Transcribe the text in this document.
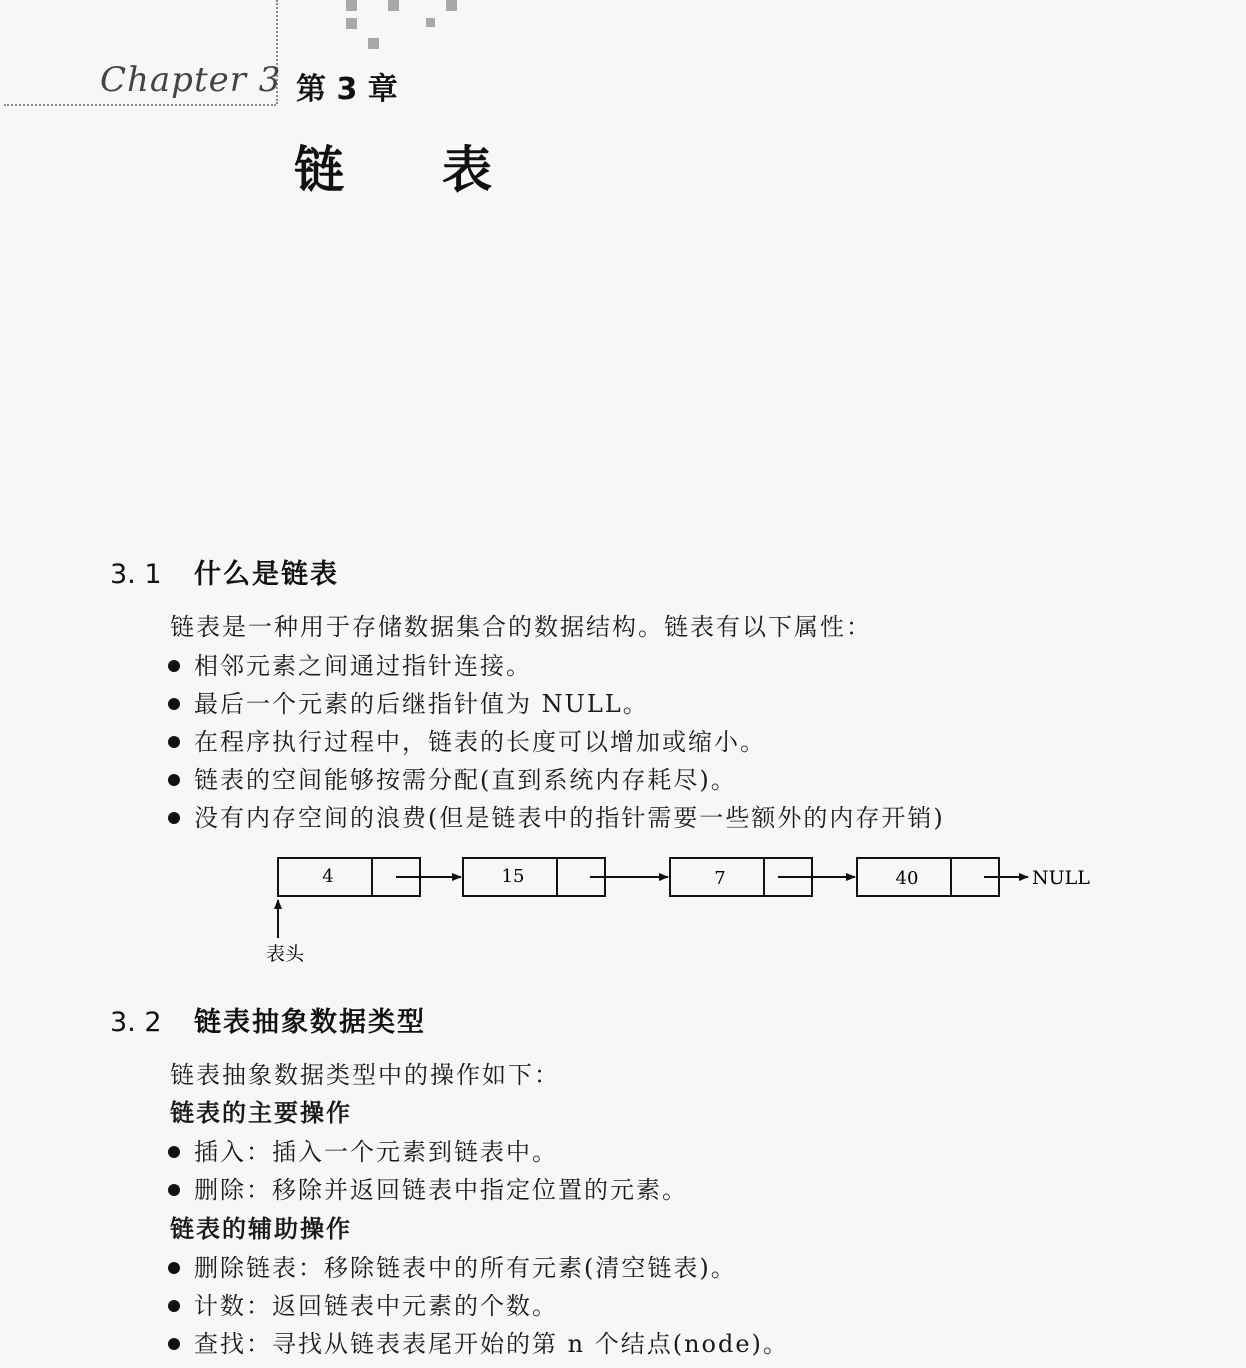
Chapter 3 第 3 章
链 表
3. 1 什么是链表
链表是一种用于存储数据集合的数据结构。链表有以下属性：
相邻元素之间通过指针连接。
最后一个元素的后继指针值为 NULL。
在程序执行过程中，链表的长度可以增加或缩小。
链表的空间能够按需分配(直到系统内存耗尽)。
没有内存空间的浪费(但是链表中的指针需要一些额外的内存开销)
4	15	7	40	NULL
表头
3. 2 链表抽象数据类型
链表抽象数据类型中的操作如下：
链表的主要操作
插入：插入一个元素到链表中。
删除：移除并返回链表中指定位置的元素。
链表的辅助操作
删除链表：移除链表中的所有元素(清空链表)。
计数：返回链表中元素的个数。
查找：寻找从链表表尾开始的第 n 个结点(node)。
